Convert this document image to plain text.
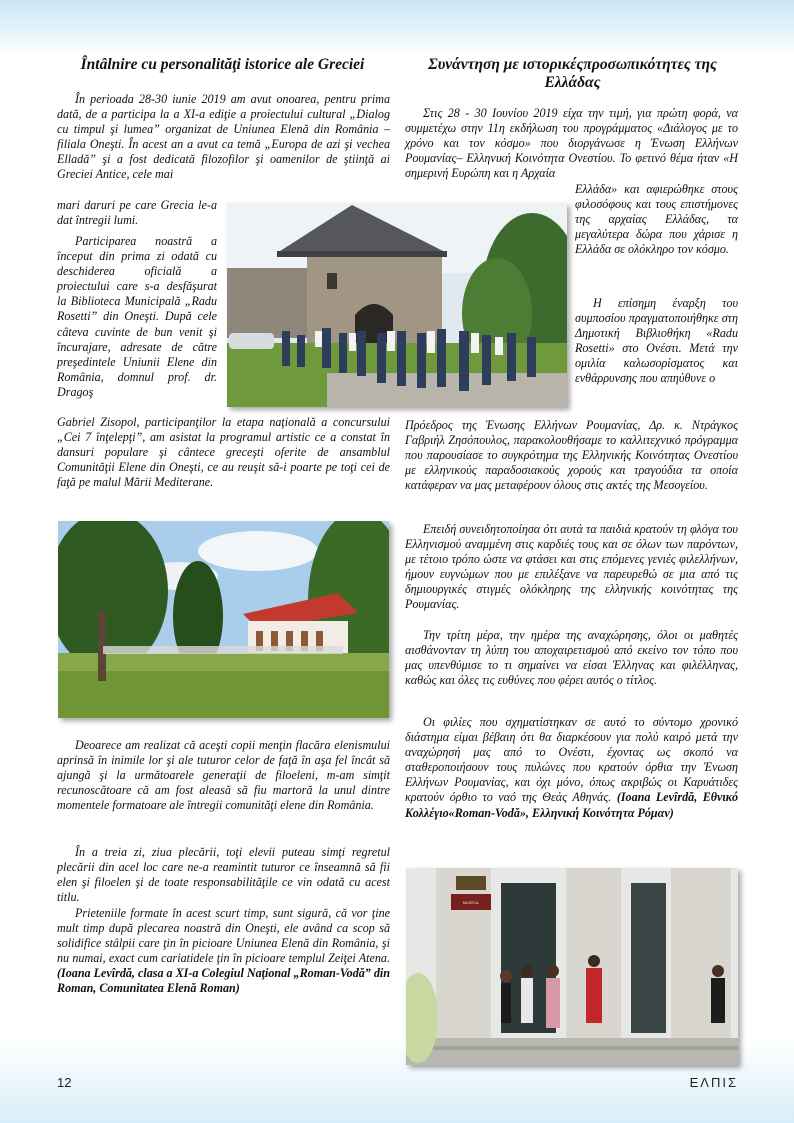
Întâlnire cu personalităţi istorice ale Greciei

În perioada 28-30 iunie 2019 am avut onoarea, pentru prima dată, de a participa la a XI-a ediţie a proiectului cultural „Dialog cu timpul şi lumea” organizat de Uniunea Elenă din România – filiala Oneşti. În acest an a avut ca temă „Europa de azi şi vechea Elladă” şi a fost dedicată filozofilor şi oamenilor de ştiinţă ai Greciei Antice, cele mai

mari daruri pe care Grecia le-a dat întregii lumi.

Participarea noastră a început din prima zi odată cu deschiderea oficială a proiectului care s-a desfăşurat la Biblioteca Municipală „Radu Rosetti” din Oneşti. După cele câteva cuvinte de bun venit şi încurajare, adresate de către preşedintele Uniunii Elene din România, domnul prof. dr. Dragoş

Gabriel Zisopol, participanţilor la etapa naţională a concursului „Cei 7 înţelepţi”, am asistat la programul artistic ce a constat în dansuri populare şi cântece greceşti oferite de ansamblul Comunităţii Elene din Oneşti, ce au reuşit să-i poarte pe toţi cei de faţă pe malul Mării Mediterane.

Deoarece am realizat că aceşti copii menţin flacăra elenismului aprinsă în inimile lor şi ale tuturor celor de faţă în aşa fel încât să ajungă şi la următoarele generaţii de filoeleni, m-am simţit recunoscătoare că am fost aleasă să fiu martoră la unul dintre momentele formatoare ale întregii comunităţi elene din România.

În a treia zi, ziua plecării, toţi elevii puteau simţi regretul plecării din acel loc care ne-a reamintit tuturor ce înseamnă să fii elen şi filoelen şi de toate responsabilităţile ce vin odată cu acest titlu.

Prieteniile formate în acest scurt timp, sunt sigură, că vor ţine mult timp după plecarea noastră din Oneşti, ele având ca scop să solidifice stâlpii care ţin în picioare Uniunea Elenă din România, şi nu numai, exact cum cariatidele ţin în picioare templul Zeiţei Atena. (Ioana Levîrdă, clasa a XI-a Colegiul Naţional „Roman-Vodă” din Roman, Comunitatea Elenă Roman)

Συνάντηση με ιστορικέςπροσωπικότητες της Ελλάδας

Στις 28 - 30 Ιουνίου 2019 είχα την τιμή, για πρώτη φορά, να συμμετέχω στην 11η εκδήλωση του προγράμματος «Διάλογος με το χρόνο και τον κόσμο» που διοργάνωσε η Ένωση Ελλήνων Ρουμανίας– Ελληνική Κοινότητα Ονεστίου. Το φετινό θέμα ήταν «Η σημερινή Ευρώπη και η Αρχαία

Ελλάδα» και αφιερώθηκε στους φιλοσόφους και τους επιστήμονες της αρχαίας Ελλάδας, τα μεγαλύτερα δώρα που χάρισε η Ελλάδα σε ολόκληρο τον κόσμο.

Η επίσημη έναρξη του συμποσίου πραγματοποιήθηκε στη Δημοτική Βιβλιοθήκη «Radu Rosetti» στο Ονέστι. Μετά την ομιλία καλωσορίσματος και ενθάρρυνσης που απηύθυνε ο

Πρόεδρος της Ένωσης Ελλήνων Ρουμανίας, Δρ. κ. Ντράγκος Γαβριήλ Ζησόπουλος, παρακολουθήσαμε το καλλιτεχνικό πρόγραμμα που παρουσίασε το συγκρότημα της Ελληνικής Κοινότητας Ονεστίου με ελληνικούς παραδοσιακούς χορούς και τραγούδια τα οποία κατάφεραν να μας μεταφέρουν όλους στις ακτές της Μεσογείου.

Επειδή συνειδητοποίησα ότι αυτά τα παιδιά κρατούν τη φλόγα του Ελληνισμού αναμμένη στις καρδιές τους και σε όλων των παρόντων, με τέτοιο τρόπο ώστε να φτάσει και στις επόμενες γενιές φιλελλήνων, ήμουν ευγνώμων που με επιλέξανε να παρευρεθώ σε μια από τις δημιουργικές στιγμές ολόκληρης της ελληνικής κοινότητας της Ρουμανίας.

Την τρίτη μέρα, την ημέρα της αναχώρησης, όλοι οι μαθητές αισθάνονταν τη λύπη του αποχαιρετισμού από εκείνο τον τόπο που μας υπενθύμισε το τι σημαίνει να είσαι Έλληνας και φιλέλληνας, καθώς και όλες τις ευθύνες που φέρει αυτός ο τίτλος.

Οι φιλίες που σχηματίστηκαν σε αυτό το σύντομο χρονικό διάστημα είμαι βέβαιη ότι θα διαρκέσουν για πολύ καιρό μετά την αναχώρησή μας από το Ονέστι, έχοντας ως σκοπό να σταθεροποιήσουν τους πυλώνες που κρατούν όρθια την Ένωση Ελλήνων Ρουμανίας, και όχι μόνο, όπως ακριβώς οι Καρυάτιδες κρατούν όρθιο το ναό της Θεάς Αθηνάς. (Ioana Levîrdă, Εθνικό Κολλέγιο«Roman-Vodă», Ελληνική Κοινότητα Ρόμαν)

MUZEUL
12	ΕΛΠΙΣ
